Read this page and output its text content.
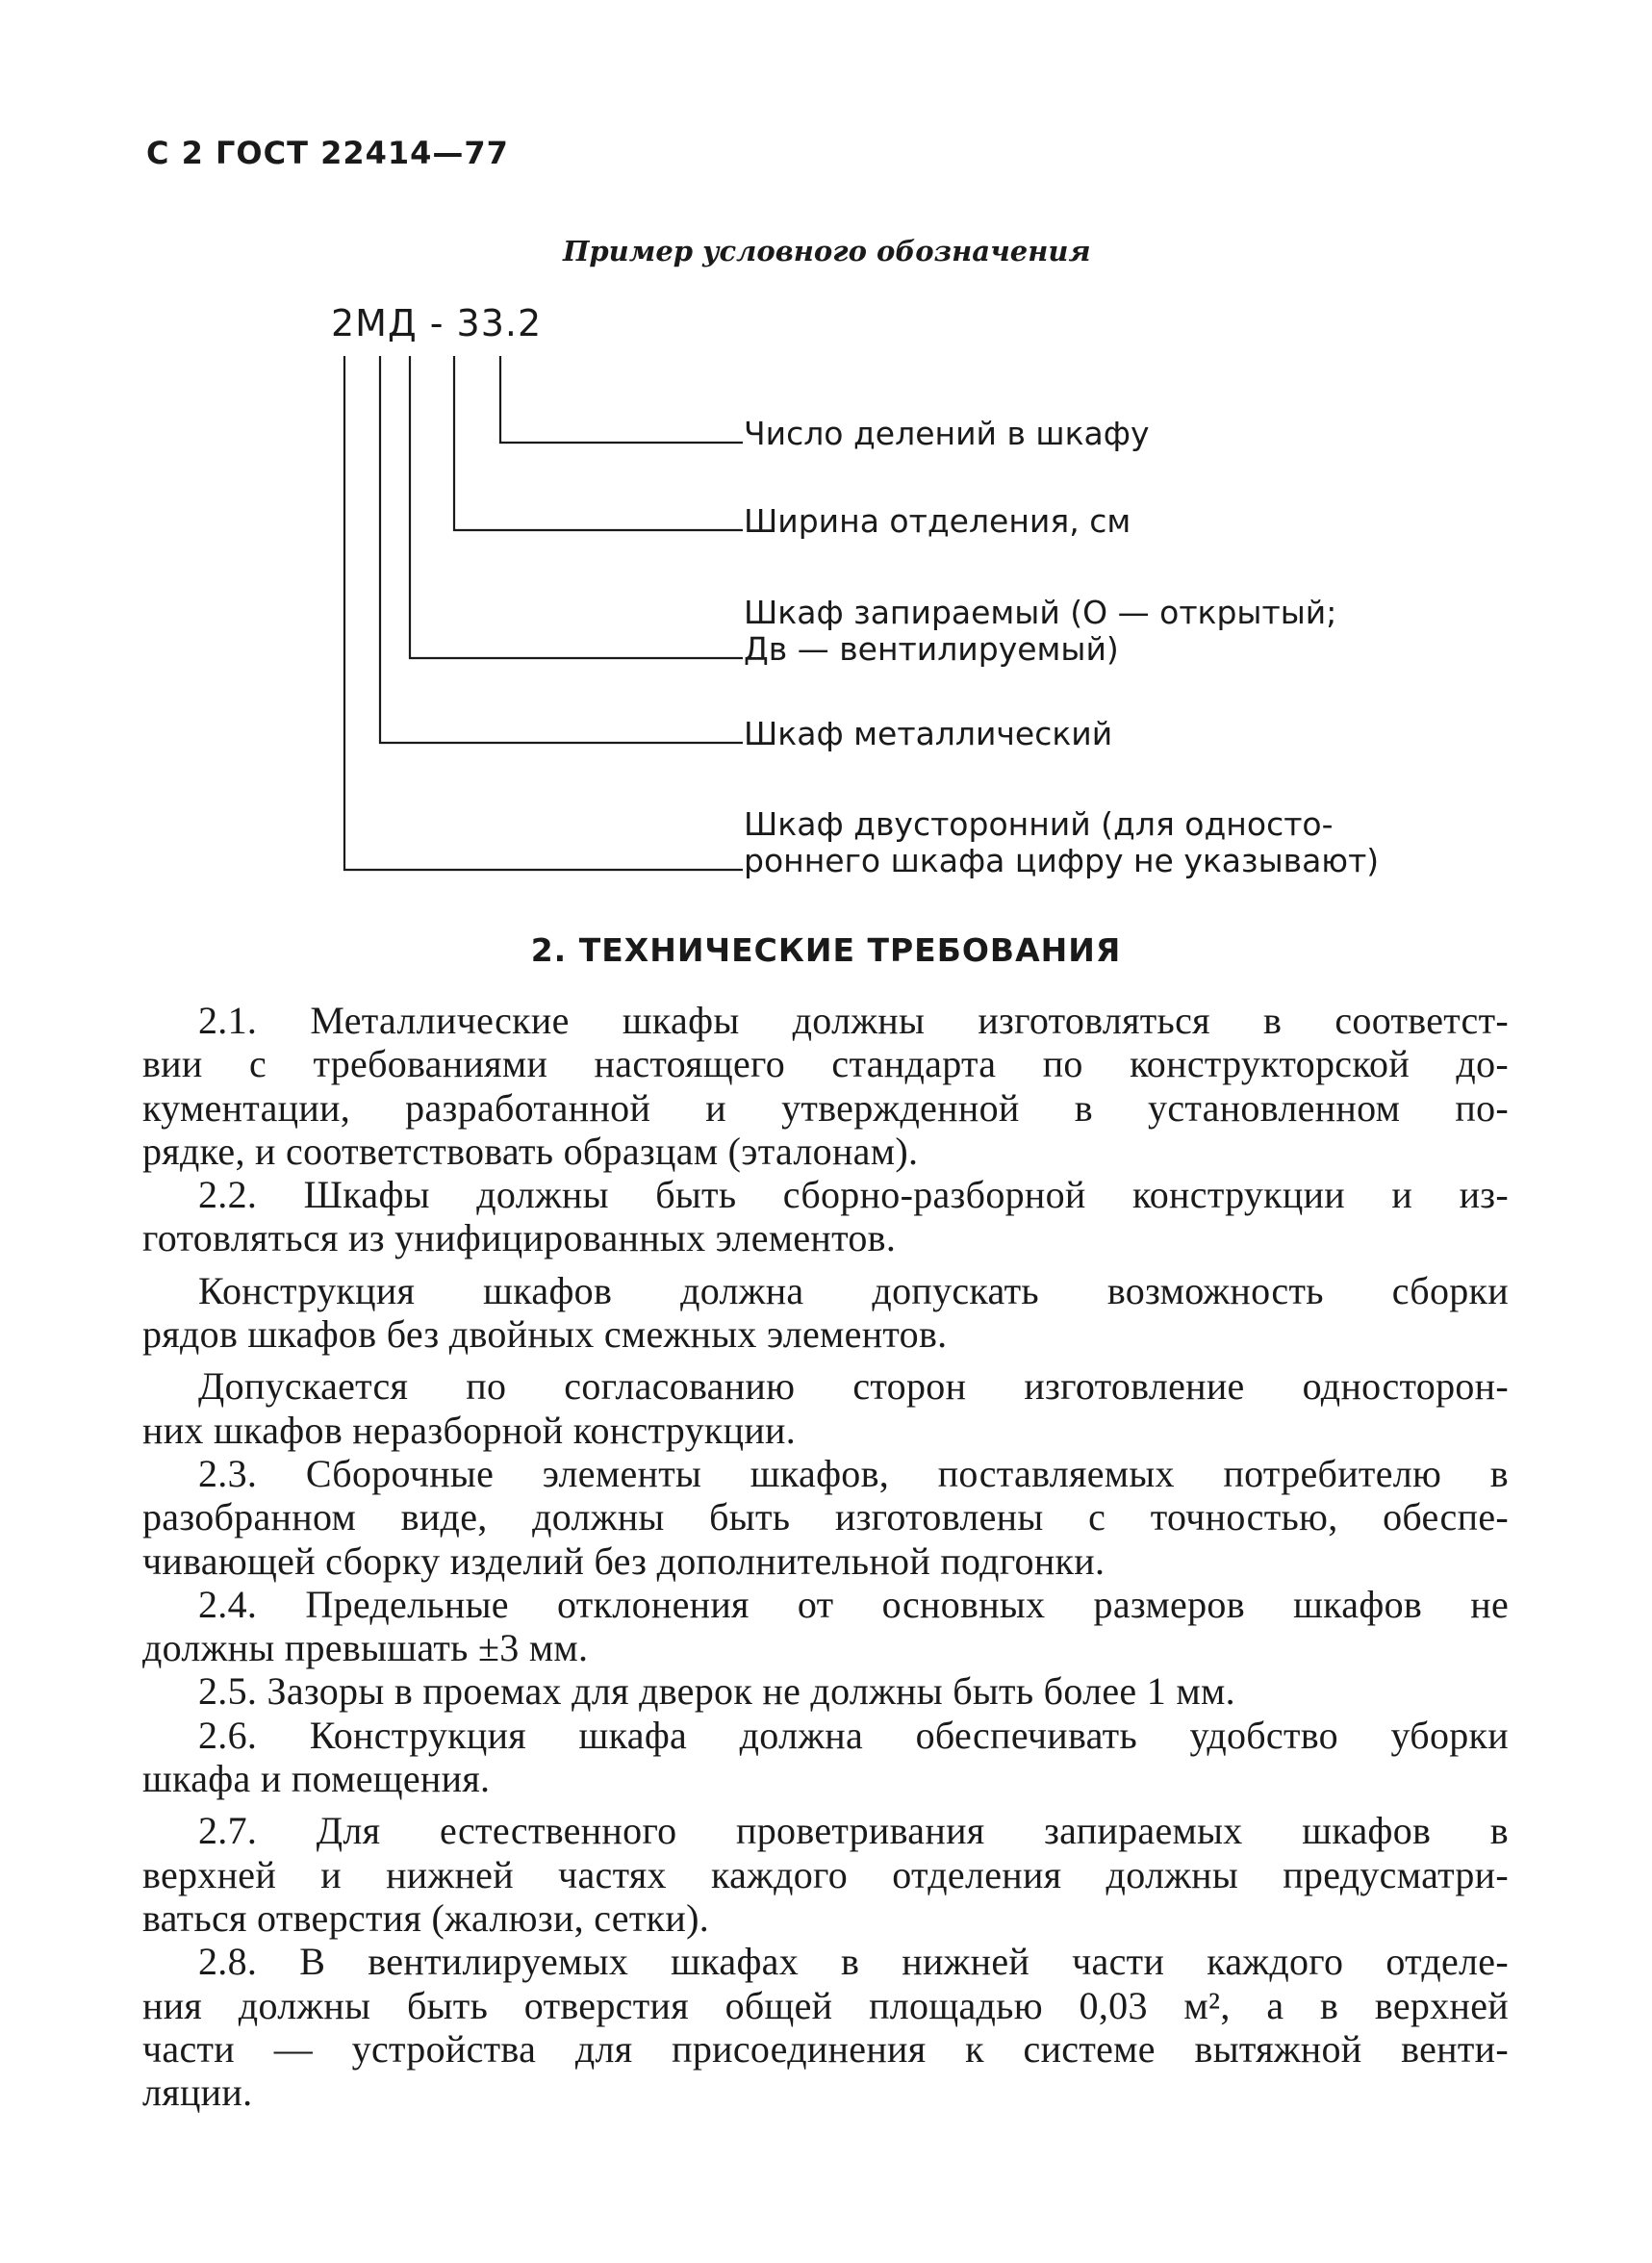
С 2 ГОСТ 22414—77
Пример условного обозначения
2МД - 33.2
Число делений в шкафу
Ширина отделения, см
Шкаф запираемый (О — открытый;
Дв — вентилируемый)
Шкаф металлический
Шкаф двусторонний (для односто-
роннего шкафа цифру не указывают)
2. ТЕХНИЧЕСКИЕ ТРЕБОВАНИЯ
2.1. Металлические шкафы должны изготовляться в соответст-
вии с требованиями настоящего стандарта по конструкторской до-
кументации, разработанной и утвержденной в установленном по-
рядке, и соответствовать образцам (эталонам).
2.2. Шкафы должны быть сборно-разборной конструкции и из-
готовляться из унифицированных элементов.
Конструкция шкафов должна допускать возможность сборки
рядов шкафов без двойных смежных элементов.
Допускается по согласованию сторон изготовление односторон-
них шкафов неразборной конструкции.
2.3. Сборочные элементы шкафов, поставляемых потребителю в
разобранном виде, должны быть изготовлены с точностью, обеспе-
чивающей сборку изделий без дополнительной подгонки.
2.4. Предельные отклонения от основных размеров шкафов не
должны превышать ±3 мм.
2.5. Зазоры в проемах для дверок не должны быть более 1 мм.
2.6. Конструкция шкафа должна обеспечивать удобство уборки
шкафа и помещения.
2.7. Для естественного проветривания запираемых шкафов в
верхней и нижней частях каждого отделения должны предусматри-
ваться отверстия (жалюзи, сетки).
2.8. В вентилируемых шкафах в нижней части каждого отделе-
ния должны быть отверстия общей площадью 0,03 м², а в верхней
части — устройства для присоединения к системе вытяжной венти-
ляции.
